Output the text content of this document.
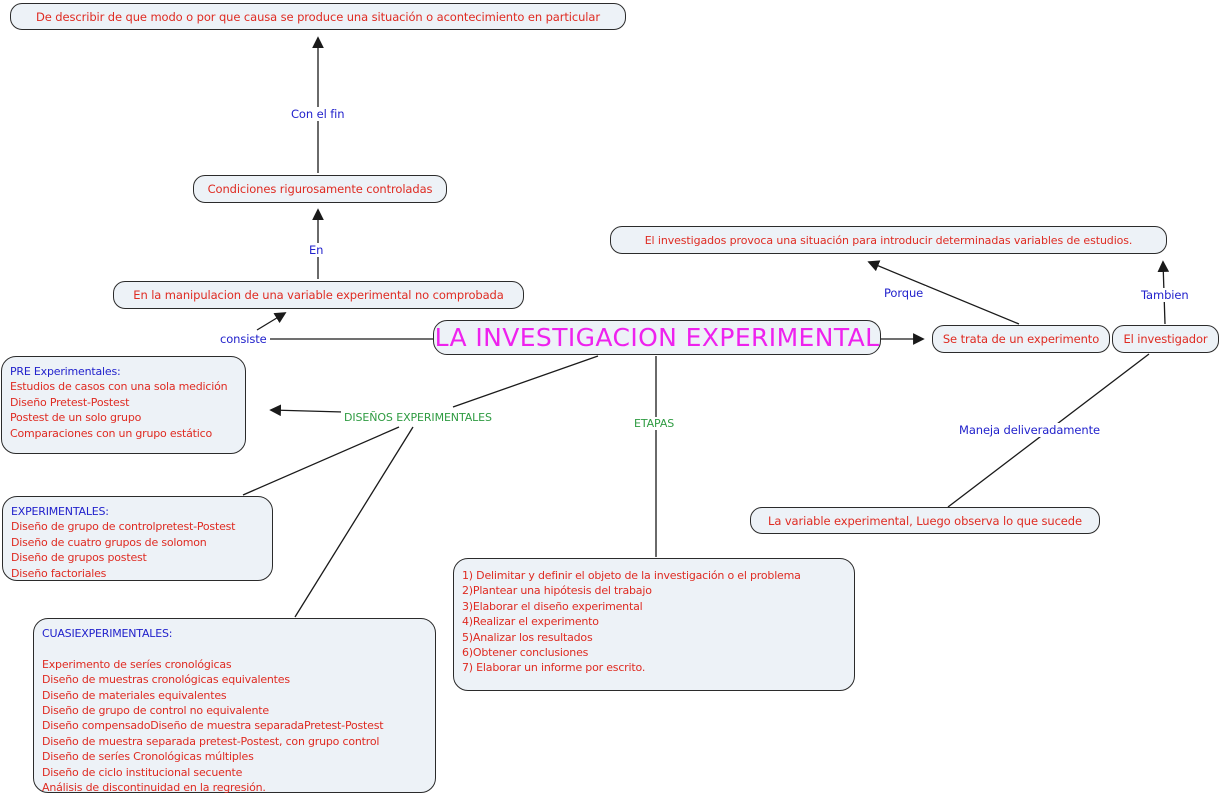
De describir de que modo o por que causa se produce una situación o acontecimiento en particular
Condiciones rigurosamente controladas
En la manipulacion de una variable experimental no comprobada
LA INVESTIGACION EXPERIMENTAL
El investigados provoca una situación para introducir determinadas variables de estudios.
Se trata de un experimento	El investigador
La variable experimental, Luego observa lo que sucede
PRE Experimentales:
Estudios de casos con una sola medición
Diseño Pretest-Postest
Postest de un solo grupo
Comparaciones con un grupo estático
EXPERIMENTALES:
Diseño de grupo de controlpretest-Postest
Diseño de cuatro grupos de solomon
Diseño de grupos postest
Diseño factoriales
CUASIEXPERIMENTALES:
Experimento de seríes cronológicas
Diseño de muestras cronológicas equivalentes
Diseño de materiales equivalentes
Diseño de grupo de control no equivalente
Diseño compensadoDiseño de muestra separadaPretest-Postest
Diseño de muestra separada pretest-Postest, con grupo control
Diseño de seríes Cronológicas múltiples
Diseño de ciclo institucional secuente
Análisis de discontinuidad en la regresión.
1) Delimitar y definir el objeto de la investigación o el problema
2)Plantear una hipótesis del trabajo
3)Elaborar el diseño experimental
4)Realizar el experimento
5)Analizar los resultados
6)Obtener conclusiones
7) Elaborar un informe por escrito.
Con el fin
En
consiste
DISEÑOS EXPERIMENTALES	ETAPAS
Porque	Tambien
Maneja deliveradamente
